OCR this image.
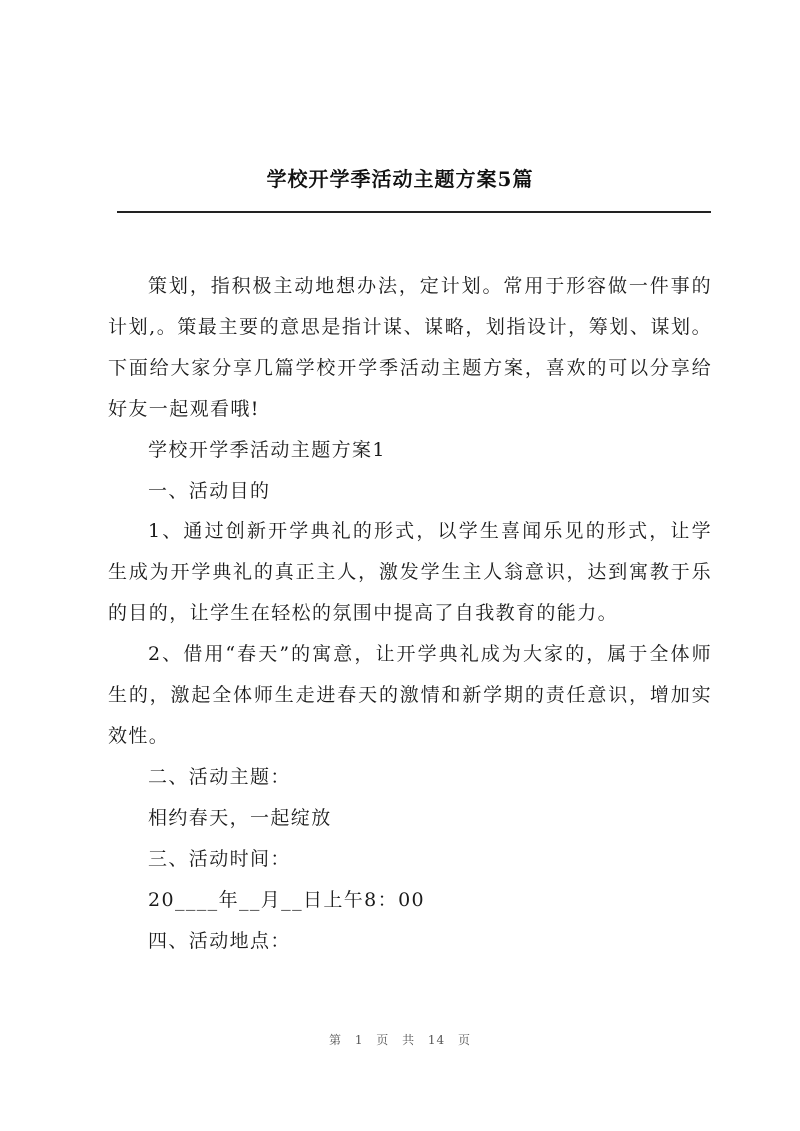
学校开学季活动主题方案5篇

策划，指积极主动地想办法，定计划。常用于形容做一件事的计划,。策最主要的意思是指计谋、谋略，划指设计，筹划、谋划。下面给大家分享几篇学校开学季活动主题方案，喜欢的可以分享给好友一起观看哦!

学校开学季活动主题方案1

一、活动目的

1、通过创新开学典礼的形式，以学生喜闻乐见的形式，让学生成为开学典礼的真正主人，激发学生主人翁意识，达到寓教于乐的目的，让学生在轻松的氛围中提高了自我教育的能力。

2、借用“春天”的寓意，让开学典礼成为大家的，属于全体师生的，激起全体师生走进春天的激情和新学期的责任意识，增加实效性。

二、活动主题：

相约春天，一起绽放

三、活动时间：

20____年__月__日上午8：00

四、活动地点：

第 1 页 共 14 页
